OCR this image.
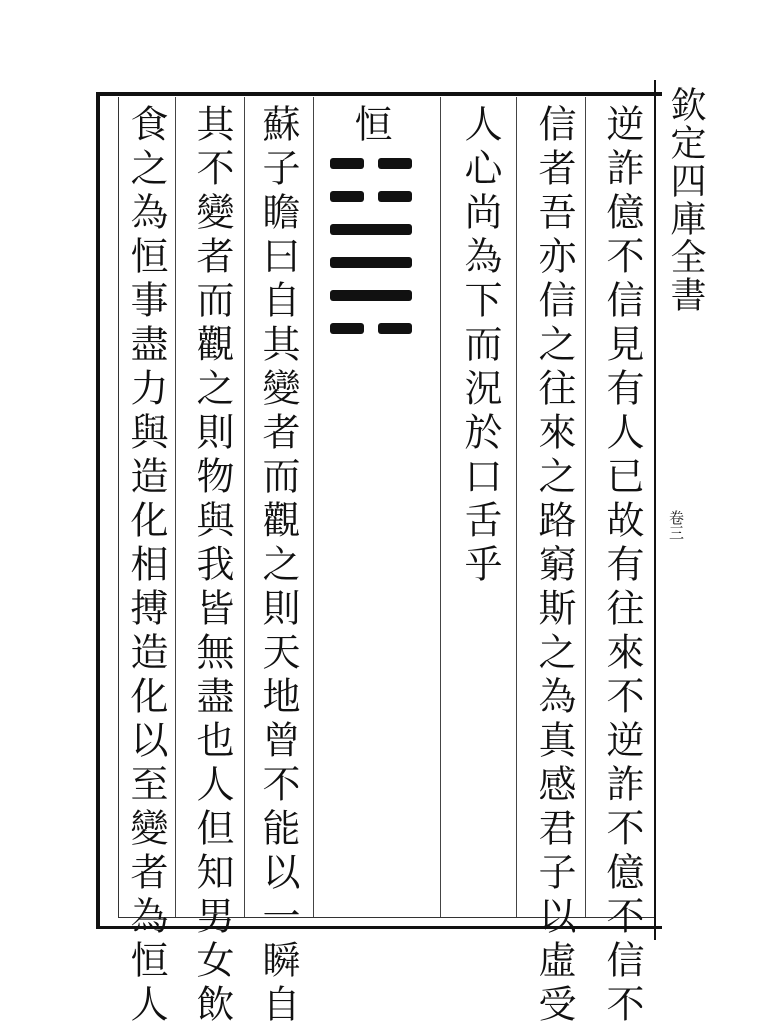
欽定四庫全書
卷三
逆詐億不信見有人已故有往來不逆詐不億不信不
信者吾亦信之往來之路窮斯之為真感君子以虛受
人心尚為下而況於口舌乎
恒
蘇子瞻曰自其變者而觀之則天地曾不能以一瞬自
其不變者而觀之則物與我皆無盡也人但知男女飲
食之為恒事盡力與造化相搏造化以至變者為恒人
